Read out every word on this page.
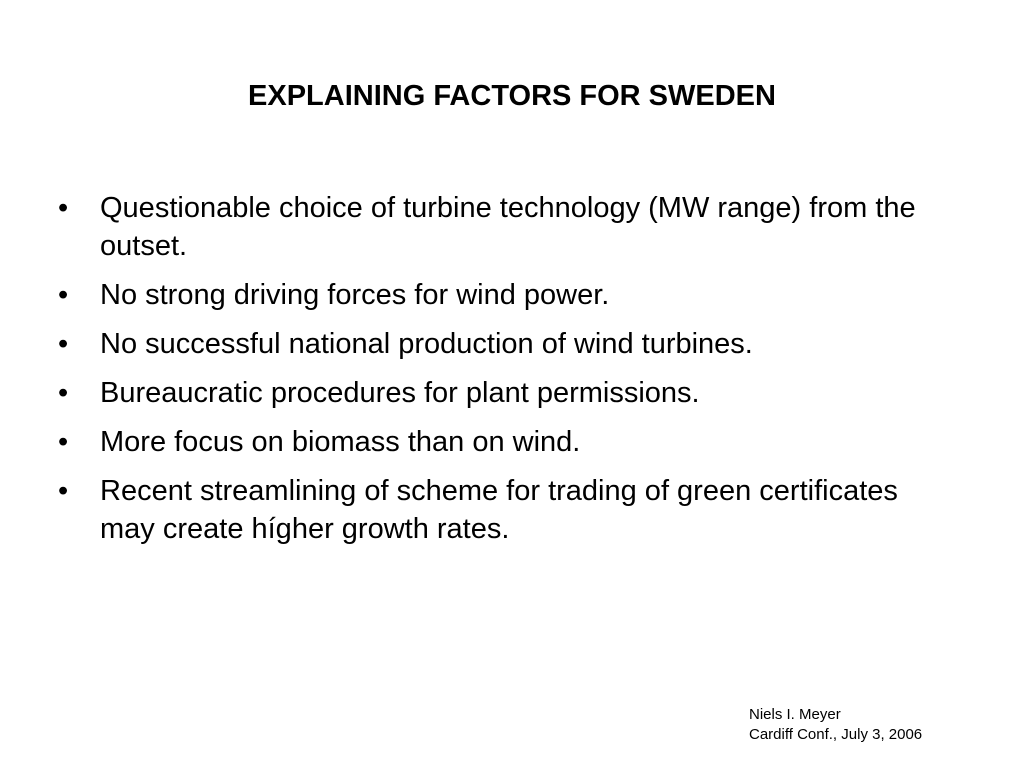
EXPLAINING FACTORS FOR SWEDEN
•	Questionable choice of turbine technology (MW range) from the outset.
•	No strong driving forces for wind power.
•	No successful national production of wind turbines.
•	Bureaucratic procedures for plant permissions.
•	More focus on biomass than on wind.
•	Recent streamlining of scheme for trading of green certificates may create hígher growth rates.
Niels I. Meyer
Cardiff Conf., July 3, 2006
